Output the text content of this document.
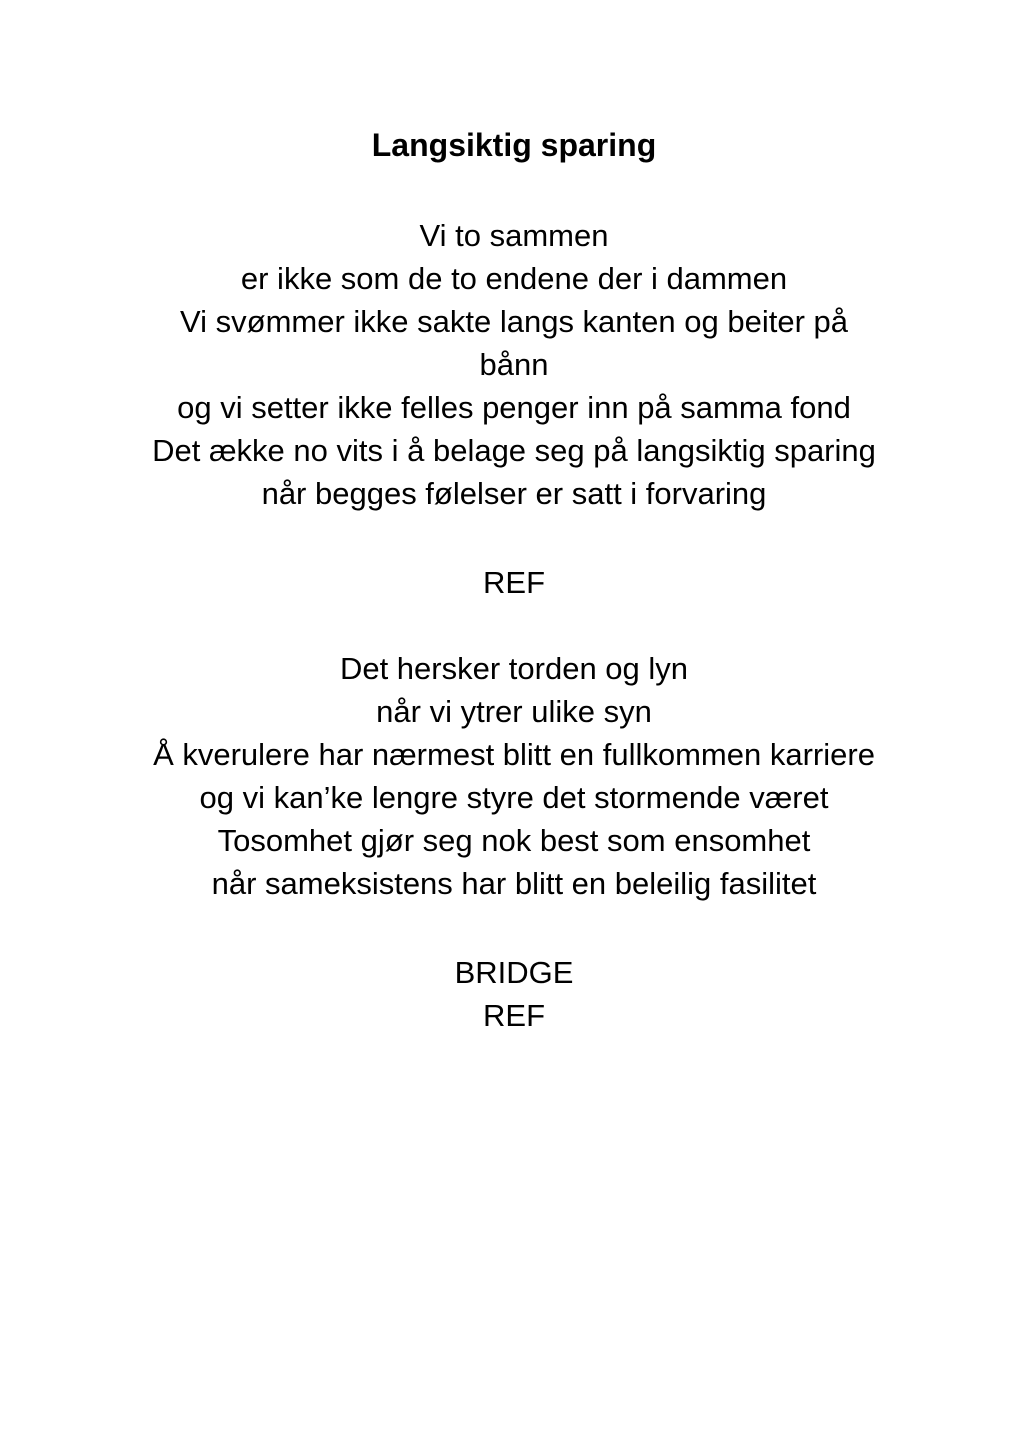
Langsiktig sparing
Vi to sammen
er ikke som de to endene der i dammen
Vi svømmer ikke sakte langs kanten og beiter på
bånn
og vi setter ikke felles penger inn på samma fond
Det ække no vits i å belage seg på langsiktig sparing
når begges følelser er satt i forvaring
REF
Det hersker torden og lyn
når vi ytrer ulike syn
Å kverulere har nærmest blitt en fullkommen karriere
og vi kan’ke lengre styre det stormende været
Tosomhet gjør seg nok best som ensomhet
når sameksistens har blitt en beleilig fasilitet
BRIDGE
REF
